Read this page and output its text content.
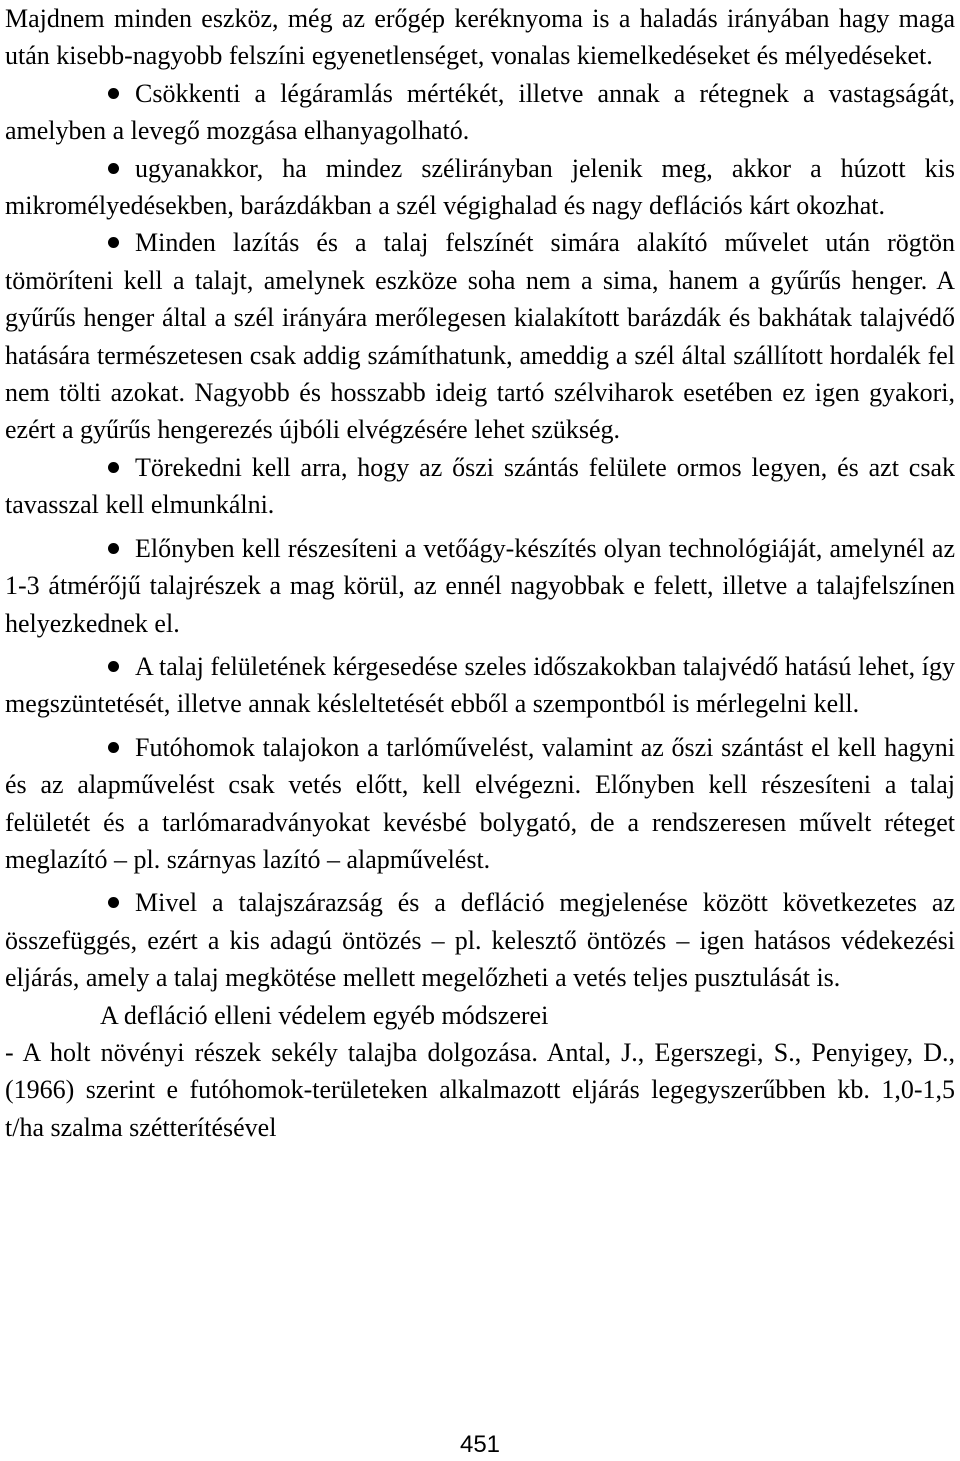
Majdnem minden eszköz, még az erőgép keréknyoma is a haladás irányában hagy maga után kisebb-nagyobb felszíni egyenetlenséget, vonalas kiemelkedéseket és mélyedéseket.

Csökkenti a légáramlás mértékét, illetve annak a rétegnek a vastagságát, amelyben a levegő mozgása elhanyagolható.

ugyanakkor, ha mindez szélirányban jelenik meg, akkor a húzott kis mikromélyedésekben, barázdákban a szél végighalad és nagy deflációs kárt okozhat.

Minden lazítás és a talaj felszínét simára alakító művelet után rögtön tömöríteni kell a talajt, amelynek eszköze soha nem a sima, hanem a gyűrűs henger. A gyűrűs henger által a szél irányára merőlegesen kialakított barázdák és bakhátak talajvédő hatására természetesen csak addig számíthatunk, ameddig a szél által szállított hordalék fel nem tölti azokat. Nagyobb és hosszabb ideig tartó szélviharok esetében ez igen gyakori, ezért a gyűrűs hengerezés újbóli elvégzésére lehet szükség.

Törekedni kell arra, hogy az őszi szántás felülete ormos legyen, és azt csak tavasszal kell elmunkálni.

Előnyben kell részesíteni a vetőágy-készítés olyan technológiáját, amelynél az 1-3 átmérőjű talajrészek a mag körül, az ennél nagyobbak e felett, illetve a talajfelszínen helyezkednek el.

A talaj felületének kérgesedése szeles időszakokban talajvédő hatású lehet, így megszüntetését, illetve annak késleltetését ebből a szempontból is mérlegelni kell.

Futóhomok talajokon a tarlóművelést, valamint az őszi szántást el kell hagyni és az alapművelést csak vetés előtt, kell elvégezni. Előnyben kell részesíteni a talaj felületét és a tarlómaradványokat kevésbé bolygató, de a rendszeresen művelt réteget meglazító – pl. szárnyas lazító – alapművelést.

Mivel a talajszárazság és a defláció megjelenése között következetes az összefüggés, ezért a kis adagú öntözés – pl. kelesztő öntözés – igen hatásos védekezési eljárás, amely a talaj megkötése mellett megelőzheti a vetés teljes pusztulását is.

A defláció elleni védelem egyéb módszerei

- A holt növényi részek sekély talajba dolgozása. Antal, J., Egerszegi, S., Penyigey, D., (1966) szerint e futóhomok-területeken alkalmazott eljárás legegyszerűbben kb. 1,0-1,5 t/ha szalma szétterítésével

451
